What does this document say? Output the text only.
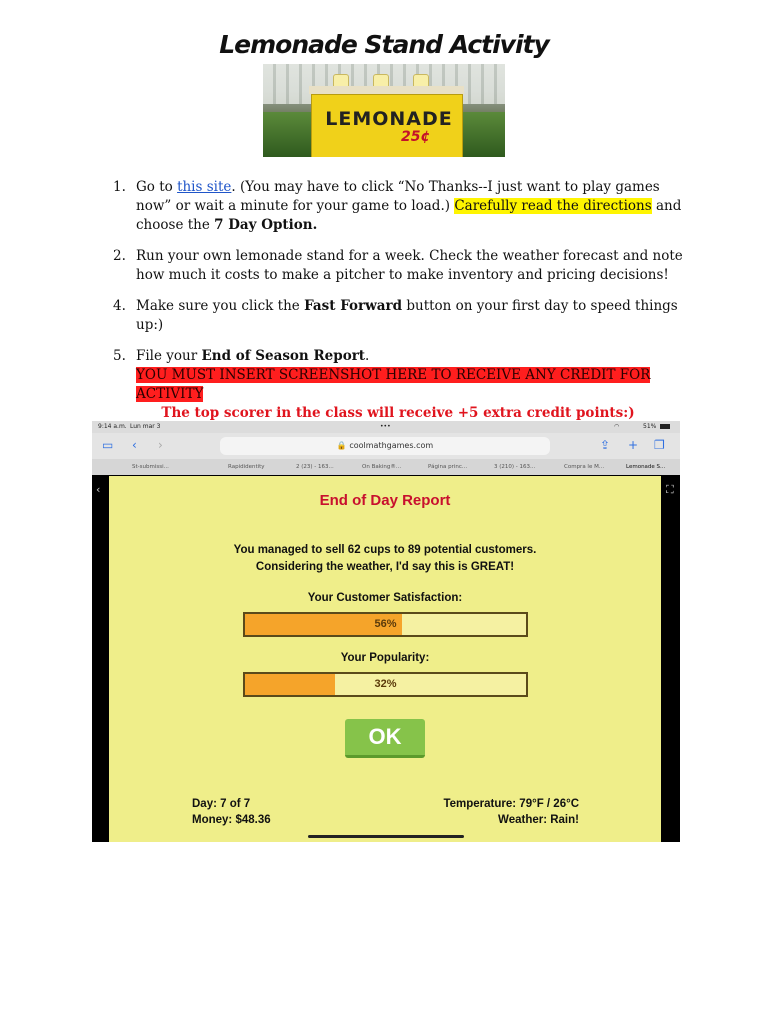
Lemonade Stand Activity
LEMONADE
25¢
1. Go to this site. (You may have to click “No Thanks--I just want to play games now” or wait a minute for your game to load.) Carefully read the directions and choose the 7 Day Option.
2. Run your own lemonade stand for a week. Check the weather forecast and note how much it costs to make a pitcher to make inventory and pricing decisions!
4. Make sure you click the Fast Forward button on your first day to speed things up:)
5. File your End of Season Report.
YOU MUST INSERT SCREENSHOT HERE TO RECEIVE ANY CREDIT FOR ACTIVITY
The top scorer in the class will receive +5 extra credit points:)
9:14 a.m. Lun mar 3	•••	◠	51%
▭ ‹ ›	🔒 coolmathgames.com	⇪ + ❐
St-submissi...	Rapididentity	2 (23) - 163...	On Baking®...	Página princ...	3 (210) - 163...	Compra le M...	Lemonade S...
‹	⛶
End of Day Report
You managed to sell 62 cups to 89 potential customers.
Considering the weather, I'd say this is GREAT!
Your Customer Satisfaction:
56%
Your Popularity:
32%
OK
Day: 7 of 7
Money: $48.36
Temperature: 79°F / 26°C
Weather: Rain!
